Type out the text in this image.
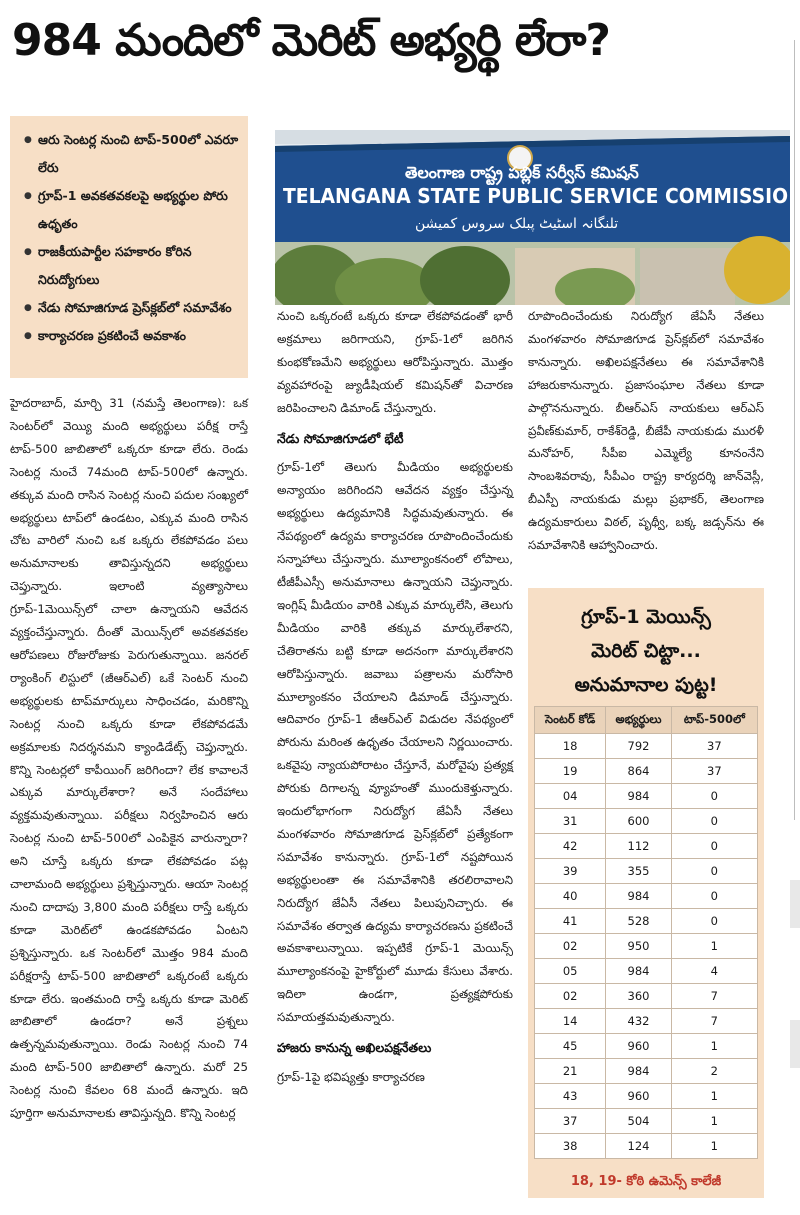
984 మందిలో మెరిట్ అభ్యర్థి లేరా?
● ఆరు సెంటర్ల నుంచి టాప్-500లో ఎవరూ లేరు
● గ్రూప్-1 అవకతవకలపై అభ్యర్థుల పోరు ఉధృతం
● రాజకీయపార్టీల సహకారం కోరిన నిరుద్యోగులు
● నేడు సోమాజిగూడ ప్రెస్‌క్లబ్‌లో సమావేశం
● కార్యాచరణ ప్రకటించే అవకాశం
తెలంగాణ రాష్ట్ర పబ్లిక్ సర్వీస్ కమిషన్
TELANGANA STATE PUBLIC SERVICE COMMISSIO
تلنگانہ اسٹیٹ پبلک سروس کمیشن

హైదరాబాద్, మార్చి 31 (నమస్తే తెలంగాణ): ఒక సెంటర్‌లో వెయ్యి మంది అభ్యర్థులు పరీక్ష రాస్తే టాప్-500 జాబితాలో ఒక్కరూ కూడా లేరు. రెండు సెంటర్ల నుంచే 74మంది టాప్-500లో ఉన్నారు. తక్కువ మంది రాసిన సెంటర్ల నుంచి పదుల సంఖ్యలో అభ్యర్థులు టాప్‌లో ఉండటం, ఎక్కువ మంది రాసిన చోట వారిలో నుంచి ఒక ఒక్కరు లేకపోవడం పలు అనుమానాలకు తావిస్తున్నదని అభ్యర్థులు చెప్తున్నారు. ఇలాంటి వ్యత్యాసాలు గ్రూప్-1మెయిన్స్‌లో చాలా ఉన్నాయని ఆవేదన వ్యక్తంచేస్తున్నారు. దీంతో మెయిన్స్‌లో అవకతవకల ఆరోపణలు రోజురోజుకు పెరుగుతున్నాయి. జనరల్ ర్యాంకింగ్ లిస్టులో (జీఆర్‌ఎల్) ఒకే సెంటర్ నుంచి అభ్యర్థులకు టాప్‌మార్కులు సాధించడం, మరికొన్ని సెంటర్ల నుంచి ఒక్కరు కూడా లేకపోవడమే అక్రమాలకు నిదర్శనమని క్యాండిడేట్స్ చెప్తున్నారు. కొన్ని సెంటర్లలో కాపీయింగ్ జరిగిందా? లేక కావాలనే ఎక్కువ మార్కులేశారా? అనే సందేహాలు వ్యక్తమవుతున్నాయి. పరీక్షలు నిర్వహించిన ఆరు సెంటర్ల నుంచి టాప్-500లో ఎంపికైన వారున్నారా? అని చూస్తే ఒక్కరు కూడా లేకపోవడం పట్ల చాలామంది అభ్యర్థులు ప్రశ్నిస్తున్నారు. ఆయా సెంటర్ల నుంచి దాదాపు 3,800 మంది పరీక్షలు రాస్తే ఒక్కరు కూడా మెరిట్‌లో ఉండకపోవడం ఏంటని ప్రశ్నిస్తున్నారు. ఒక సెంటర్‌లో మొత్తం 984 మంది పరీక్షరాస్తే టాప్-500 జాబితాలో ఒక్కరంటే ఒక్కరు కూడా లేరు. ఇంతమంది రాస్తే ఒక్కరు కూడా మెరిట్ జాబితాలో ఉండరా? అనే ప్రశ్నలు ఉత్పన్నమవుతున్నాయి. రెండు సెంటర్ల నుంచి 74 మంది టాప్-500 జాబితాలో ఉన్నారు. మరో 25 సెంటర్ల నుంచి కేవలం 68 మందే ఉన్నారు. ఇది పూర్తిగా అనుమానాలకు తావిస్తున్నది. కొన్ని సెంటర్ల

నుంచి ఒక్కరంటే ఒక్కరు కూడా లేకపోవడంతో భారీ అక్రమాలు జరిగాయని, గ్రూప్-1లో జరిగిన కుంభకోణమేని అభ్యర్థులు ఆరోపిస్తున్నారు. మొత్తం వ్యవహారంపై జ్యుడీషియల్ కమిషన్‌తో విచారణ జరిపించాలని డిమాండ్ చేస్తున్నారు.

నేడు సోమాజిగూడలో భేటీ

గ్రూప్-1లో తెలుగు మీడియం అభ్యర్థులకు అన్యాయం జరిగిందని ఆవేదన వ్యక్తం చేస్తున్న అభ్యర్థులు ఉద్యమానికి సిద్ధమవుతున్నారు. ఈ నేపథ్యంలో ఉద్యమ కార్యాచరణ రూపొందించేందుకు సన్నాహాలు చేస్తున్నారు. మూల్యాంకనంలో లోపాలు, టీజీపీఎస్సీ అనుమానాలు ఉన్నాయని చెప్తున్నారు. ఇంగ్లిష్ మీడియం వారికి ఎక్కువ మార్కులేసి, తెలుగు మీడియం వారికి తక్కువ మార్కులేశారని, చేతిరాతను బట్టి కూడా అదనంగా మార్కులేశారని ఆరోపిస్తున్నారు. జవాబు పత్రాలను మరోసారి మూల్యాంకనం చేయాలని డిమాండ్ చేస్తున్నారు. ఆదివారం గ్రూప్-1 జీఆర్‌ఎల్ విడుదల నేపథ్యంలో పోరును మరింత ఉధృతం చేయాలని నిర్ణయించారు. ఒకవైపు న్యాయపోరాటం చేస్తూనే, మరోవైపు ప్రత్యక్ష పోరుకు దిగాలన్న వ్యూహంతో ముందుకెళ్తున్నారు. ఇందులోభాగంగా నిరుద్యోగ జేఏసీ నేతలు మంగళవారం సోమాజిగూడ ప్రెస్‌క్లబ్‌లో ప్రత్యేకంగా సమావేశం కానున్నారు. గ్రూప్-1లో నష్టపోయిన అభ్యర్థులంతా ఈ సమావేశానికి తరలిరావాలని నిరుద్యోగ జేఏసీ నేతలు పిలుపునిచ్చారు. ఈ సమావేశం తర్వాత ఉద్యమ కార్యాచరణను ప్రకటించే అవకాశాలున్నాయి. ఇప్పటికే గ్రూప్-1 మెయిన్స్ మూల్యాంకనంపై హైకోర్టులో మూడు కేసులు వేశారు. ఇదిలా ఉండగా, ప్రత్యక్షపోరుకు సమాయత్తమవుతున్నారు.

హాజరు కానున్న అఖిలపక్షనేతలు

గ్రూప్-1పై భవిష్యత్తు కార్యాచరణ

రూపొందించేందుకు నిరుద్యోగ జేఏసీ నేతలు మంగళవారం సోమాజిగూడ ప్రెస్‌క్లబ్‌లో సమావేశం కానున్నారు. అఖిలపక్షనేతలు ఈ సమావేశానికి హాజరుకానున్నారు. ప్రజాసంఘాల నేతలు కూడా పాల్గొననున్నారు. బీఆర్‌ఎస్ నాయకులు ఆర్‌ఎస్ ప్రవీణ్‌కుమార్, రాకేశ్‌రెడ్డి, బీజేపీ నాయకుడు మురళీ మనోహర్, సీపీఐ ఎమ్మెల్యే కూనంనేని సాంబశివరావు, సీపీఎం రాష్ట్ర కార్యదర్శి జాన్‌వెస్లీ, బీఎస్పీ నాయకుడు మల్లు ప్రభాకర్, తెలంగాణ ఉద్యమకారులు విఠల్, పృథ్వీ, బక్క జడ్సన్‌ను ఈ సమావేశానికి ఆహ్వానించారు.

గ్రూప్-1 మెయిన్స్
మెరిట్ చిట్టా...
అనుమానాల పుట్ట!
సెంటర్ కోడ్	అభ్యర్థులు	టాప్-500లో
18	792	37
19	864	37
04	984	0
31	600	0
42	112	0
39	355	0
40	984	0
41	528	0
02	950	1
05	984	4
02	360	7
14	432	7
45	960	1
21	984	2
43	960	1
37	504	1
38	124	1
18, 19- కోఠి ఉమెన్స్ కాలేజీ
